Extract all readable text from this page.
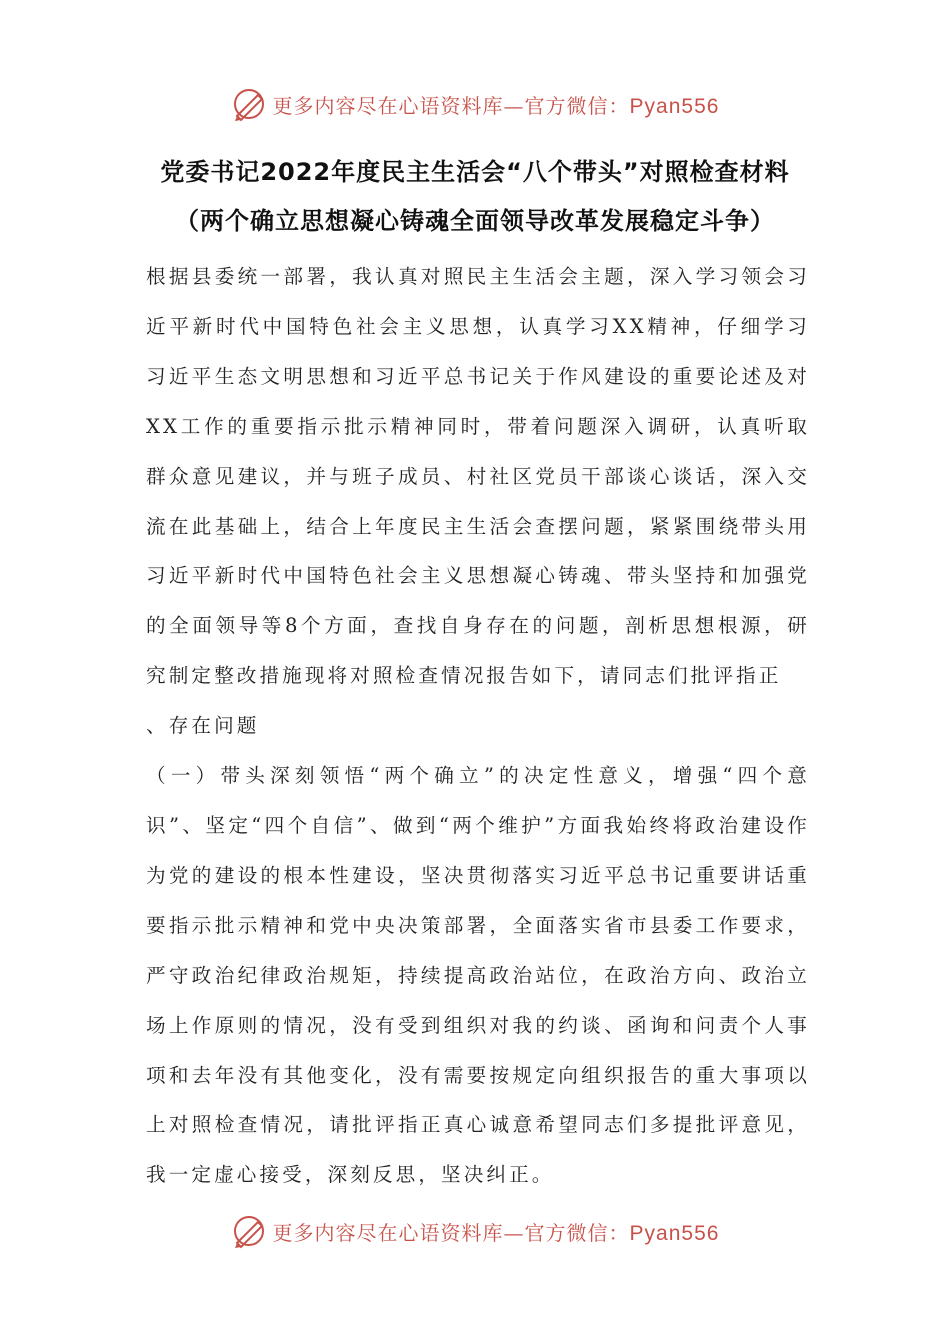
更多内容尽在心语资料库—官方微信：Pyan556
党委书记2022年度民主生活会“八个带头”对照检查材料
（两个确立思想凝心铸魂全面领导改革发展稳定斗争）

根据县委统一部署，我认真对照民主生活会主题，深入学习领会习近平新时代中国特色社会主义思想，认真学习XX精神，仔细学习习近平生态文明思想和习近平总书记关于作风建设的重要论述及对XX工作的重要指示批示精神同时，带着问题深入调研，认真听取群众意见建议，并与班子成员、村社区党员干部谈心谈话，深入交流在此基础上，结合上年度民主生活会查摆问题，紧紧围绕带头用习近平新时代中国特色社会主义思想凝心铸魂、带头坚持和加强党的全面领导等8个方面，查找自身存在的问题，剖析思想根源，研究制定整改措施现将对照检查情况报告如下，请同志们批评指正

、存在问题

（一）带头深刻领悟“两个确立”的决定性意义，增强“四个意识”、坚定“四个自信”、做到“两个维护”方面我始终将政治建设作为党的建设的根本性建设，坚决贯彻落实习近平总书记重要讲话重要指示批示精神和党中央决策部署，全面落实省市县委工作要求，严守政治纪律政治规矩，持续提高政治站位，在政治方向、政治立场上作原则的情况，没有受到组织对我的约谈、函询和问责个人事项和去年没有其他变化，没有需要按规定向组织报告的重大事项以上对照检查情况，请批评指正真心诚意希望同志们多提批评意见，我一定虚心接受，深刻反思，坚决纠正。

更多内容尽在心语资料库—官方微信：Pyan556
